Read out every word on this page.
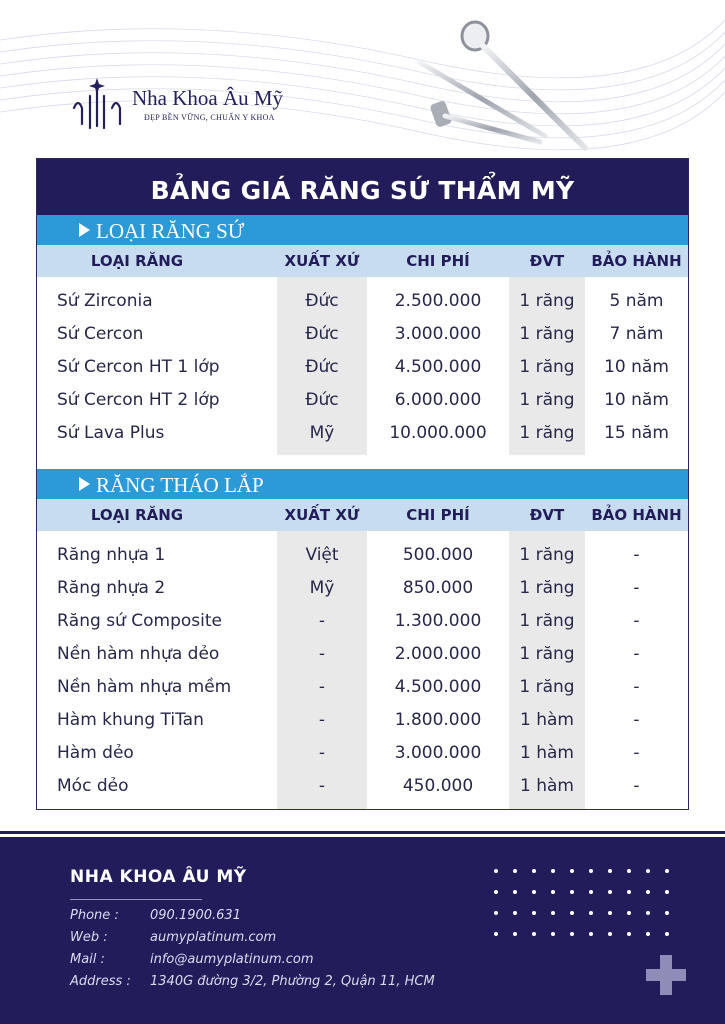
Nha Khoa Âu Mỹ
ĐẸP BỀN VỮNG, CHUẨN Y KHOA
BẢNG GIÁ RĂNG SỨ THẨM MỸ
LOẠI RĂNG SỨ
LOẠI RĂNG	XUẤT XỨ	CHI PHÍ	ĐVT	BẢO HÀNH
Sứ Zirconia	Đức	2.500.000	1 răng	5 năm
Sứ Cercon	Đức	3.000.000	1 răng	7 năm
Sứ Cercon HT 1 lớp	Đức	4.500.000	1 răng	10 năm
Sứ Cercon HT 2 lớp	Đức	6.000.000	1 răng	10 năm
Sứ Lava Plus	Mỹ	10.000.000	1 răng	15 năm
RĂNG THÁO LẮP
LOẠI RĂNG	XUẤT XỨ	CHI PHÍ	ĐVT	BẢO HÀNH
Răng nhựa 1	Việt	500.000	1 răng	-
Răng nhựa 2	Mỹ	850.000	1 răng	-
Răng sứ Composite	-	1.300.000	1 răng	-
Nền hàm nhựa dẻo	-	2.000.000	1 răng	-
Nền hàm nhựa mềm	-	4.500.000	1 răng	-
Hàm khung TiTan	-	1.800.000	1 hàm	-
Hàm dẻo	-	3.000.000	1 hàm	-
Móc dẻo	-	450.000	1 hàm	-
NHA KHOA ÂU MỸ
Phone : 090.1900.631
Web :	aumyplatinum.com
Mail :	info@aumyplatinum.com
Address : 1340G đường 3/2, Phường 2, Quận 11, HCM
